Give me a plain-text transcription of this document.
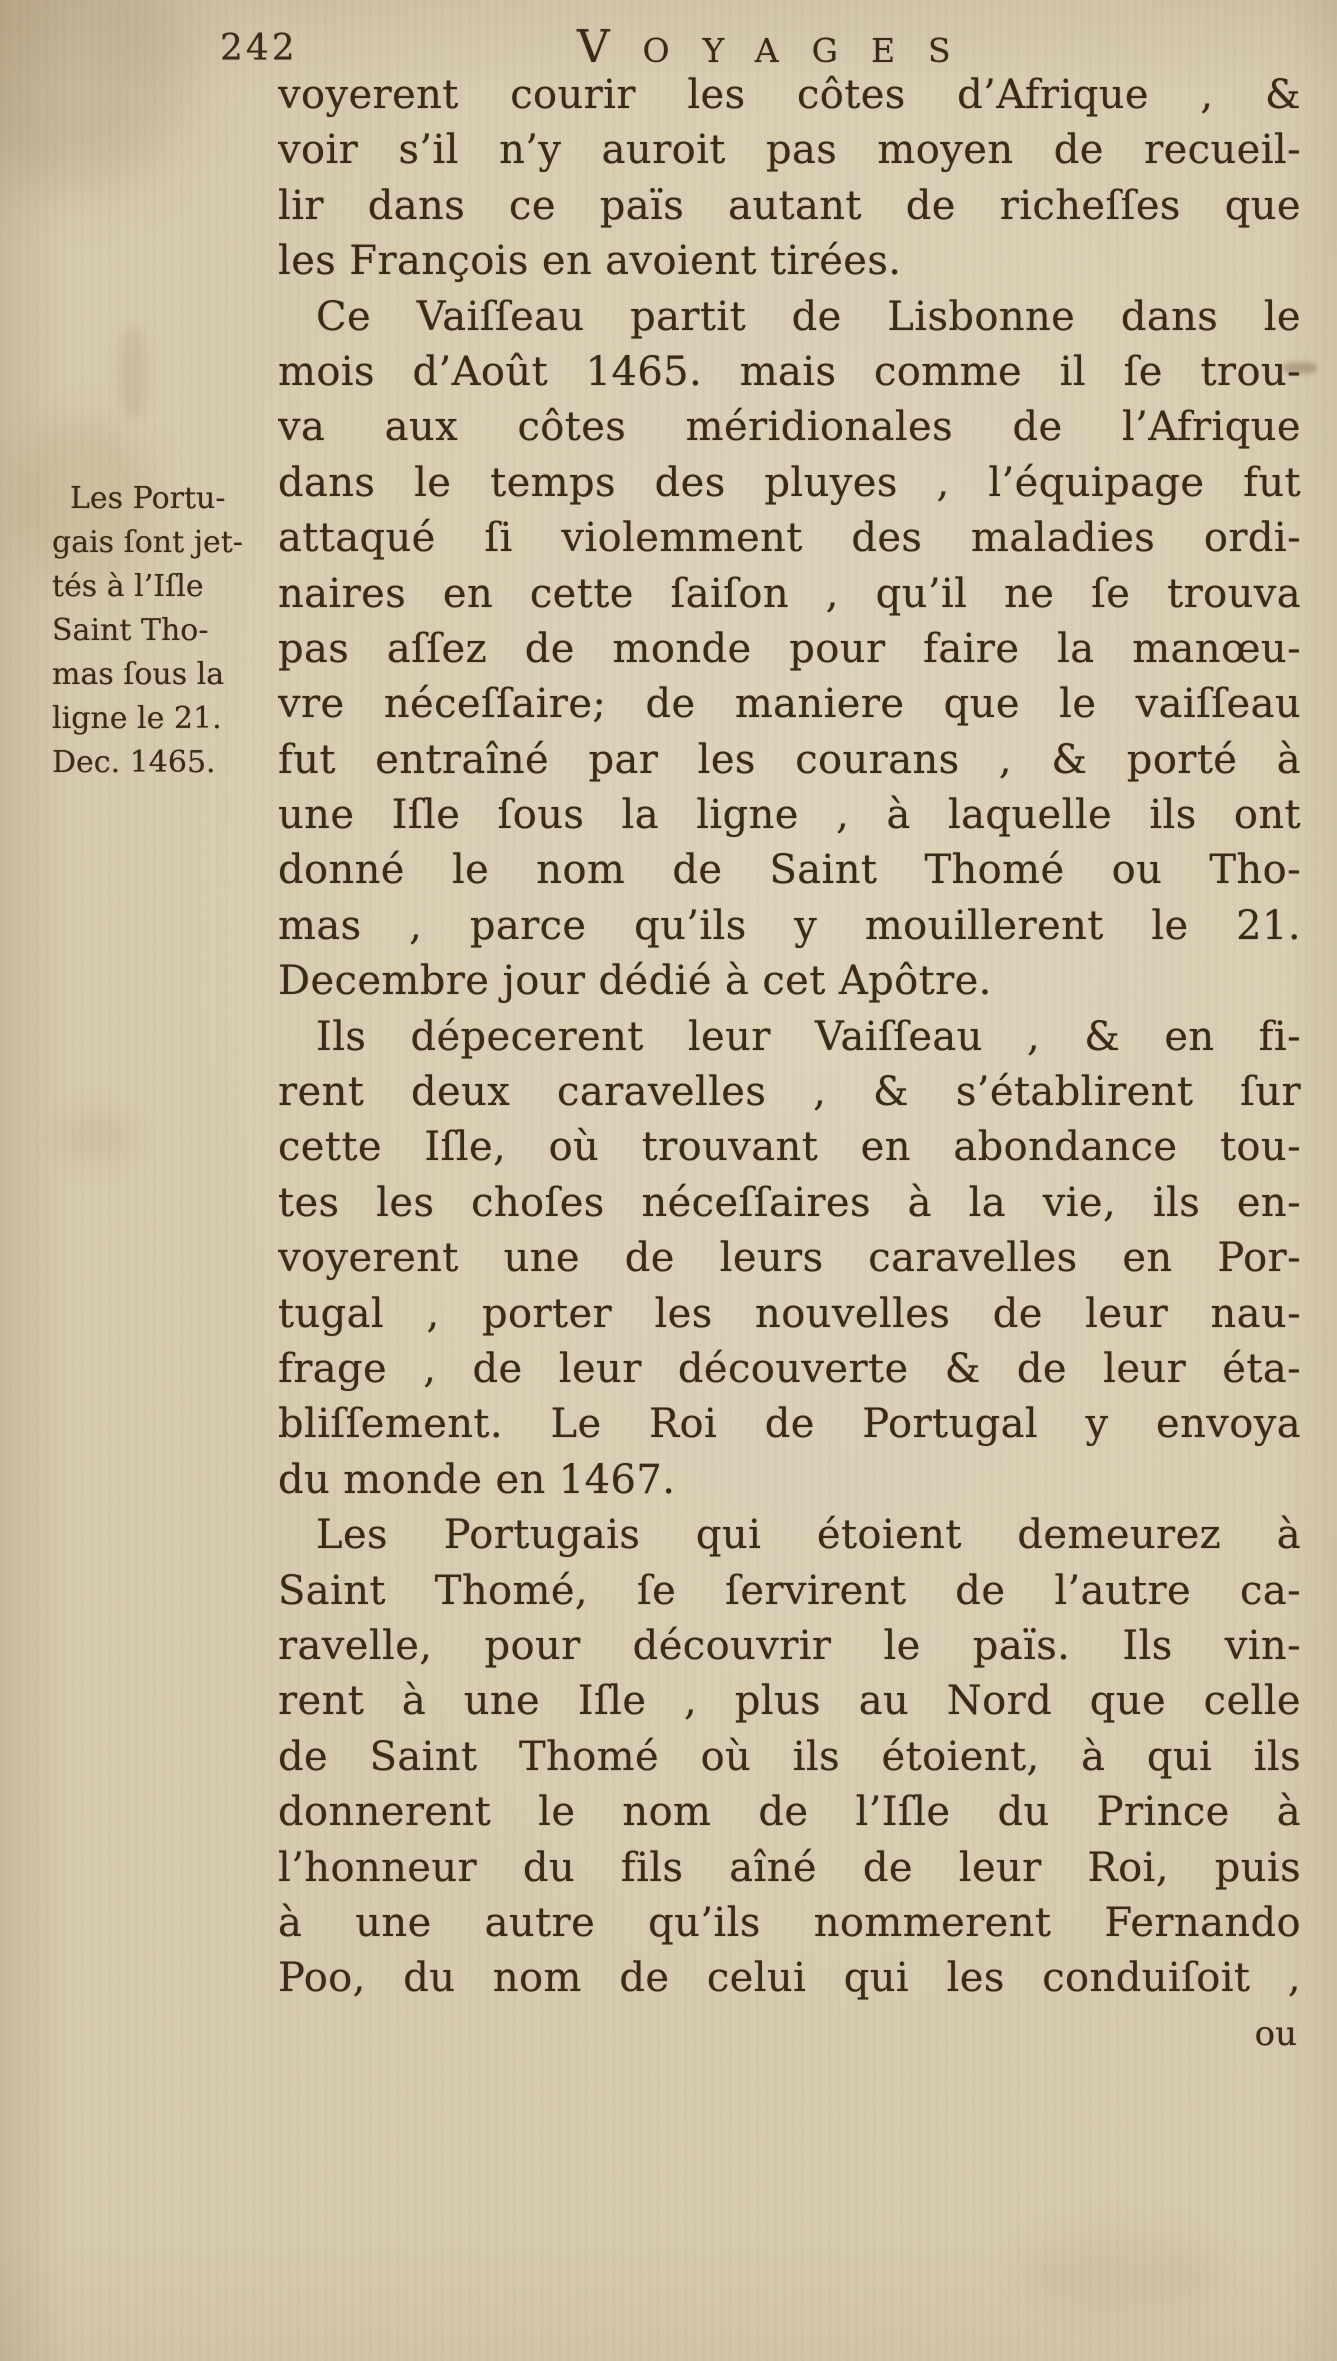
242	VOYAGES
Les Portu-
gais ſont jet-
tés à l’Iſle
Saint Tho-
mas ſous la
ligne le 21.
Dec. 1465.
voyerent courir les côtes d’Afrique , &
voir s’il n’y auroit pas moyen de recueil-
lir dans ce païs autant de richeſſes que
les François en avoient tirées.
Ce Vaiſſeau partit de Lisbonne dans le
mois d’Août 1465. mais comme il ſe trou-
va aux côtes méridionales de l’Afrique
dans le temps des pluyes , l’équipage fut
attaqué ſi violemment des maladies ordi-
naires en cette ſaiſon , qu’il ne ſe trouva
pas aſſez de monde pour faire la manœu-
vre néceſſaire; de maniere que le vaiſſeau
fut entraîné par les courans , & porté à
une Iſle ſous la ligne , à laquelle ils ont
donné le nom de Saint Thomé ou Tho-
mas , parce qu’ils y mouillerent le 21.
Decembre jour dédié à cet Apôtre.
Ils dépecerent leur Vaiſſeau , & en fi-
rent deux caravelles , & s’établirent ſur
cette Iſle, où trouvant en abondance tou-
tes les choſes néceſſaires à la vie, ils en-
voyerent une de leurs caravelles en Por-
tugal , porter les nouvelles de leur nau-
frage , de leur découverte & de leur éta-
bliſſement. Le Roi de Portugal y envoya
du monde en 1467.
Les Portugais qui étoient demeurez à
Saint Thomé, ſe ſervirent de l’autre ca-
ravelle, pour découvrir le païs. Ils vin-
rent à une Iſle , plus au Nord que celle
de Saint Thomé où ils étoient, à qui ils
donnerent le nom de l’Iſle du Prince à
l’honneur du fils aîné de leur Roi, puis
à une autre qu’ils nommerent Fernando
Poo, du nom de celui qui les conduiſoit ,
ou
